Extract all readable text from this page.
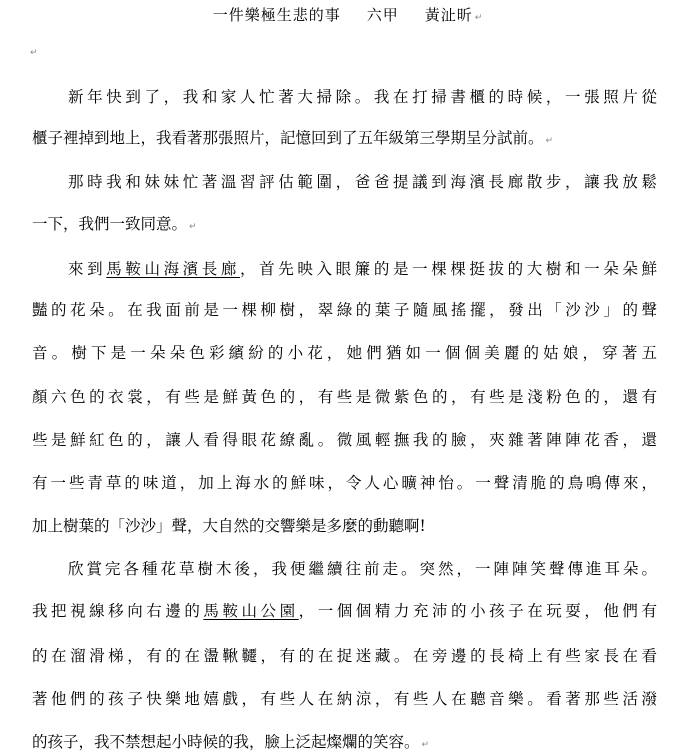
一件樂極生悲的事 六甲 黃沚昕 ↵
↵
新年快到了，我和家人忙著大掃除。我在打掃書櫃的時候，一張照片從
櫃子裡掉到地上，我看著那張照片，記憶回到了五年級第三學期呈分試前。 ↵
那時我和妹妹忙著溫習評估範圍，爸爸提議到海濱長廊散步，讓我放鬆
一下，我們一致同意。 ↵
來到馬鞍山海濱長廊，首先映入眼簾的是一棵棵挺拔的大樹和一朵朵鮮
豔的花朵。在我面前是一棵柳樹，翠綠的葉子隨風搖擺，發出「沙沙」的聲
音。樹下是一朵朵色彩繽紛的小花，她們猶如一個個美麗的姑娘，穿著五
顏六色的衣裳，有些是鮮黃色的，有些是微紫色的，有些是淺粉色的，還有
些是鮮紅色的，讓人看得眼花繚亂。微風輕撫我的臉，夾雜著陣陣花香，還
有一些青草的味道，加上海水的鮮味，令人心曠神怡。一聲清脆的鳥鳴傳來，
加上樹葉的「沙沙」聲，大自然的交響樂是多麼的動聽啊!
欣賞完各種花草樹木後，我便繼續往前走。突然，一陣陣笑聲傳進耳朵。
我把視線移向右邊的馬鞍山公園，一個個精力充沛的小孩子在玩耍，他們有
的在溜滑梯，有的在盪鞦韆，有的在捉迷藏。在旁邊的長椅上有些家長在看
著他們的孩子快樂地嬉戲，有些人在納涼，有些人在聽音樂。看著那些活潑
的孩子，我不禁想起小時候的我，臉上泛起燦爛的笑容。 ↵
